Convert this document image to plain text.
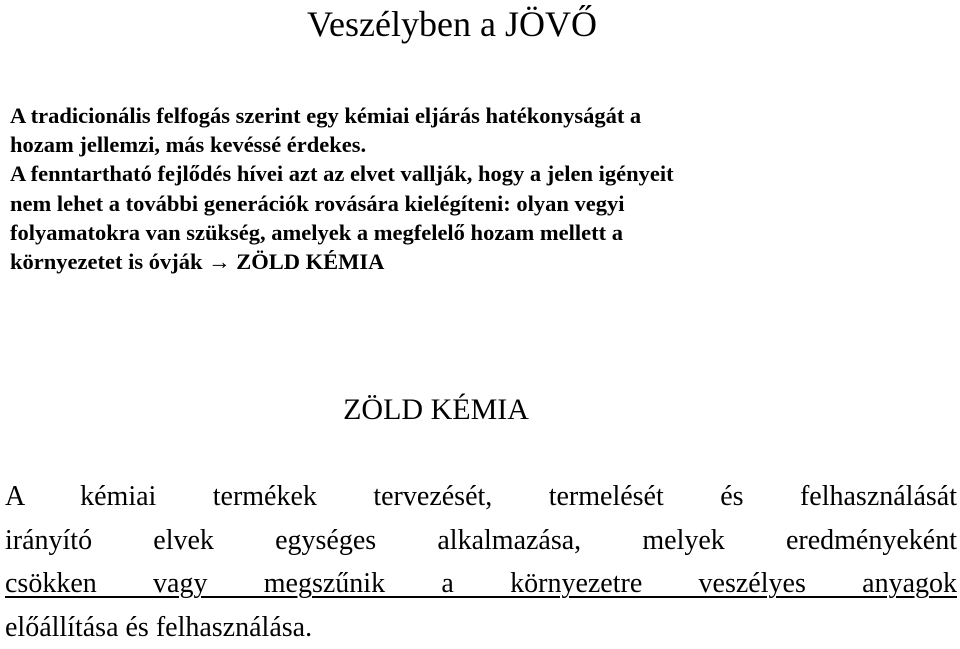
Veszélyben a JÖVŐ
A tradicionális felfogás szerint egy kémiai eljárás hatékonyságát a
hozam jellemzi, más kevéssé érdekes.
A fenntartható fejlődés hívei azt az elvet vallják, hogy a jelen igényeit
nem lehet a további generációk rovására kielégíteni: olyan vegyi
folyamatokra van szükség, amelyek a megfelelő hozam mellett a
környezetet is óvják → ZÖLD KÉMIA
ZÖLD KÉMIA
A kémiai termékek tervezését, termelését és felhasználását
irányító elvek egységes alkalmazása, melyek eredményeként
csökken vagy megszűnik a környezetre veszélyes anyagok
előállítása és felhasználása.
